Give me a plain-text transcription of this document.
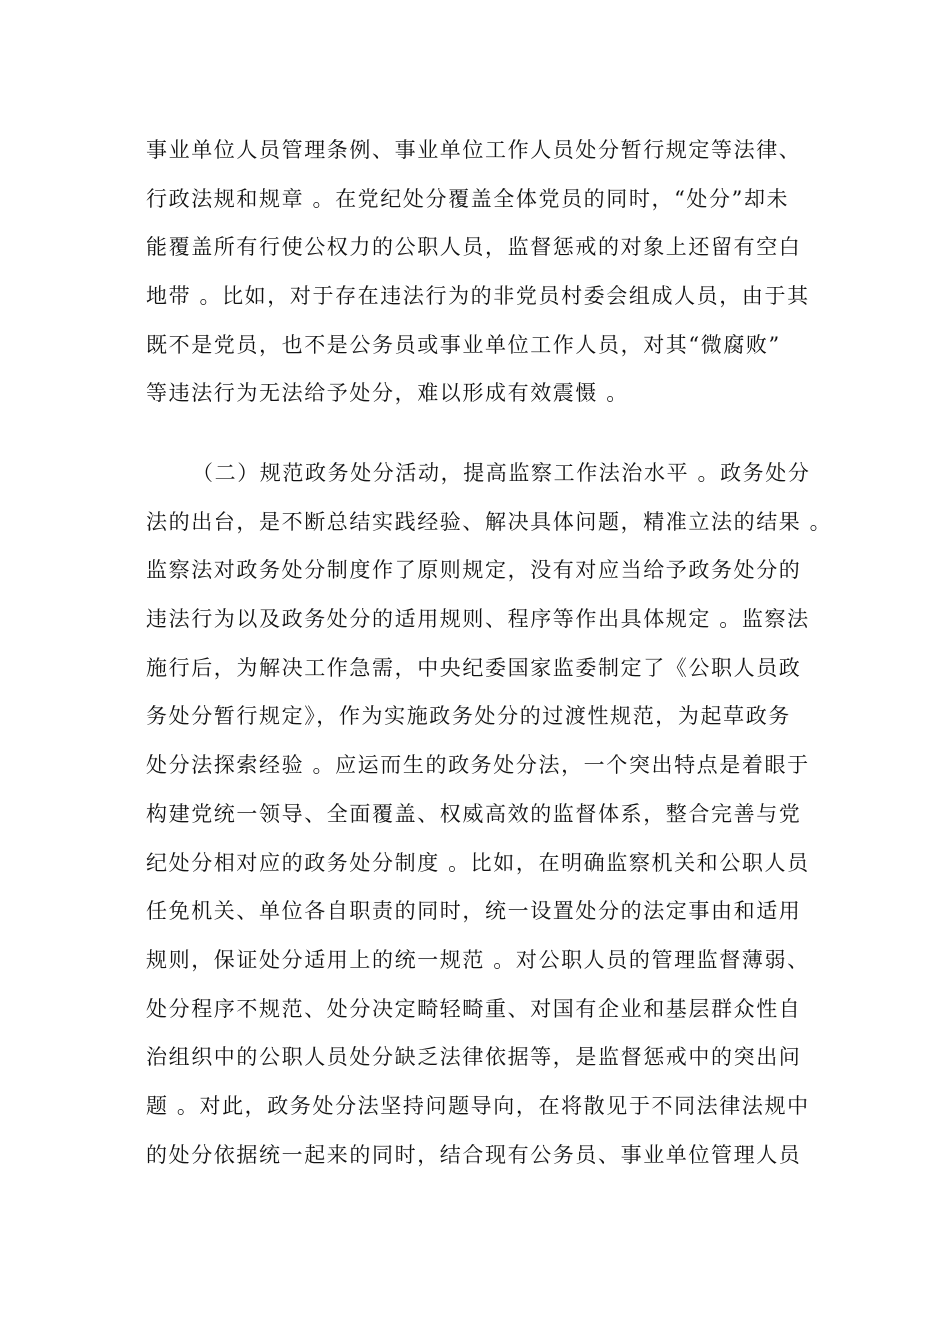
事业单位人员管理条例、事业单位工作人员处分暂行规定等法律、
行政法规和规章 。在党纪处分覆盖全体党员的同时，“处分”却未
能覆盖所有行使公权力的公职人员，监督惩戒的对象上还留有空白
地带 。比如，对于存在违法行为的非党员村委会组成人员，由于其
既不是党员，也不是公务员或事业单位工作人员，对其“微腐败”
等违法行为无法给予处分，难以形成有效震慑 。
（二）规范政务处分活动，提高监察工作法治水平 。政务处分
法的出台，是不断总结实践经验、解决具体问题，精准立法的结果 。
监察法对政务处分制度作了原则规定，没有对应当给予政务处分的
违法行为以及政务处分的适用规则、程序等作出具体规定 。监察法
施行后，为解决工作急需，中央纪委国家监委制定了《公职人员政
务处分暂行规定》，作为实施政务处分的过渡性规范，为起草政务
处分法探索经验 。应运而生的政务处分法，一个突出特点是着眼于
构建党统一领导、全面覆盖、权威高效的监督体系，整合完善与党
纪处分相对应的政务处分制度 。比如，在明确监察机关和公职人员
任免机关、单位各自职责的同时，统一设置处分的法定事由和适用
规则，保证处分适用上的统一规范 。对公职人员的管理监督薄弱、
处分程序不规范、处分决定畸轻畸重、对国有企业和基层群众性自
治组织中的公职人员处分缺乏法律依据等，是监督惩戒中的突出问
题 。对此，政务处分法坚持问题导向，在将散见于不同法律法规中
的处分依据统一起来的同时，结合现有公务员、事业单位管理人员
